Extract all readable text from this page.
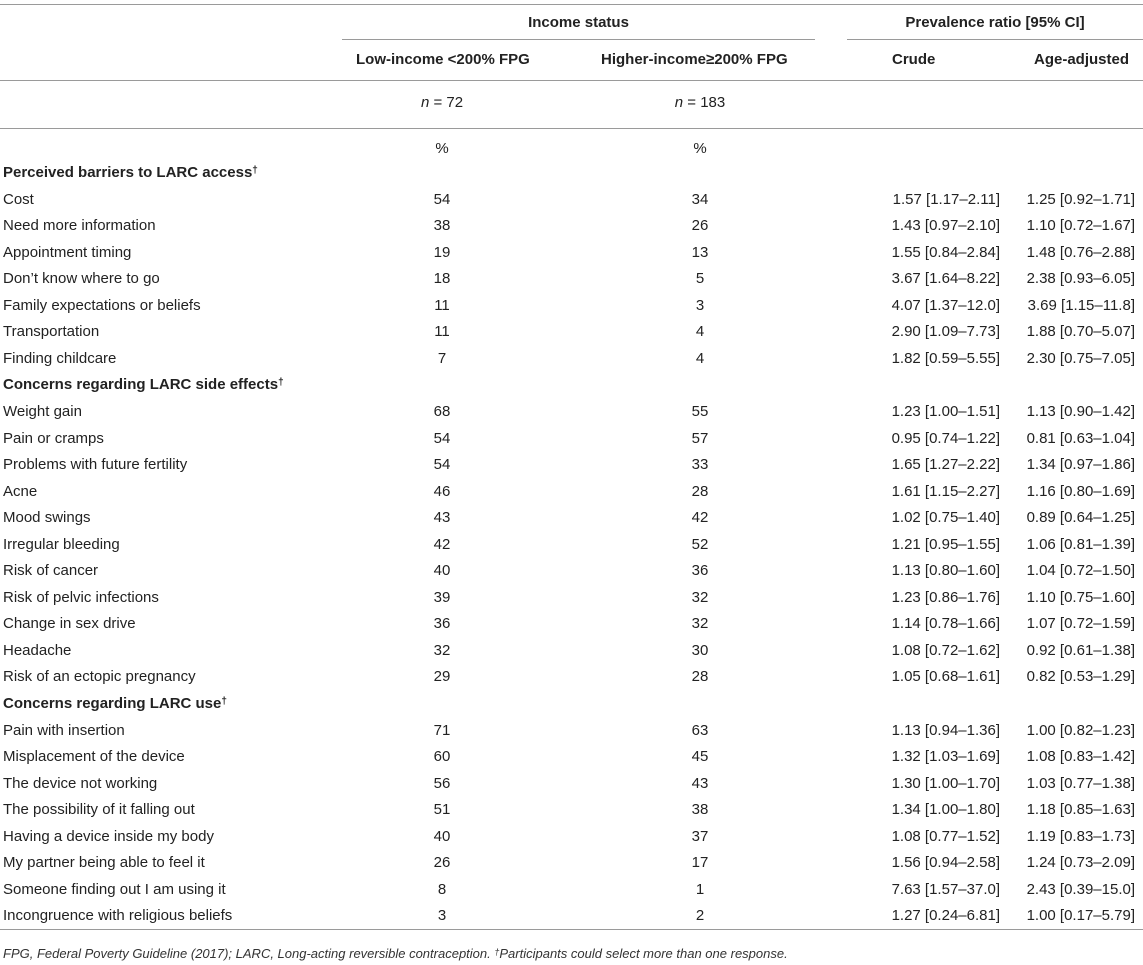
Income status	Prevalence ratio [95% CI]
Low-income <200% FPG	Higher-income≥200% FPG	Crude	Age-adjusted
n = 72	n = 183
%	%
Perceived barriers to LARC access†
Cost	54	34	1.57 [1.17–2.11]	1.25 [0.92–1.71]
Need more information	38	26	1.43 [0.97–2.10]	1.10 [0.72–1.67]
Appointment timing	19	13	1.55 [0.84–2.84]	1.48 [0.76–2.88]
Don’t know where to go	18	5	3.67 [1.64–8.22]	2.38 [0.93–6.05]
Family expectations or beliefs	11	3	4.07 [1.37–12.0]	3.69 [1.15–11.8]
Transportation	11	4	2.90 [1.09–7.73]	1.88 [0.70–5.07]
Finding childcare	7	4	1.82 [0.59–5.55]	2.30 [0.75–7.05]
Concerns regarding LARC side effects†
Weight gain	68	55	1.23 [1.00–1.51]	1.13 [0.90–1.42]
Pain or cramps	54	57	0.95 [0.74–1.22]	0.81 [0.63–1.04]
Problems with future fertility	54	33	1.65 [1.27–2.22]	1.34 [0.97–1.86]
Acne	46	28	1.61 [1.15–2.27]	1.16 [0.80–1.69]
Mood swings	43	42	1.02 [0.75–1.40]	0.89 [0.64–1.25]
Irregular bleeding	42	52	1.21 [0.95–1.55]	1.06 [0.81–1.39]
Risk of cancer	40	36	1.13 [0.80–1.60]	1.04 [0.72–1.50]
Risk of pelvic infections	39	32	1.23 [0.86–1.76]	1.10 [0.75–1.60]
Change in sex drive	36	32	1.14 [0.78–1.66]	1.07 [0.72–1.59]
Headache	32	30	1.08 [0.72–1.62]	0.92 [0.61–1.38]
Risk of an ectopic pregnancy	29	28	1.05 [0.68–1.61]	0.82 [0.53–1.29]
Concerns regarding LARC use†
Pain with insertion	71	63	1.13 [0.94–1.36]	1.00 [0.82–1.23]
Misplacement of the device	60	45	1.32 [1.03–1.69]	1.08 [0.83–1.42]
The device not working	56	43	1.30 [1.00–1.70]	1.03 [0.77–1.38]
The possibility of it falling out	51	38	1.34 [1.00–1.80]	1.18 [0.85–1.63]
Having a device inside my body	40	37	1.08 [0.77–1.52]	1.19 [0.83–1.73]
My partner being able to feel it	26	17	1.56 [0.94–2.58]	1.24 [0.73–2.09]
Someone finding out I am using it	8	1	7.63 [1.57–37.0]	2.43 [0.39–15.0]
Incongruence with religious beliefs	3	2	1.27 [0.24–6.81]	1.00 [0.17–5.79]
FPG, Federal Poverty Guideline (2017); LARC, Long-acting reversible contraception. †Participants could select more than one response.
